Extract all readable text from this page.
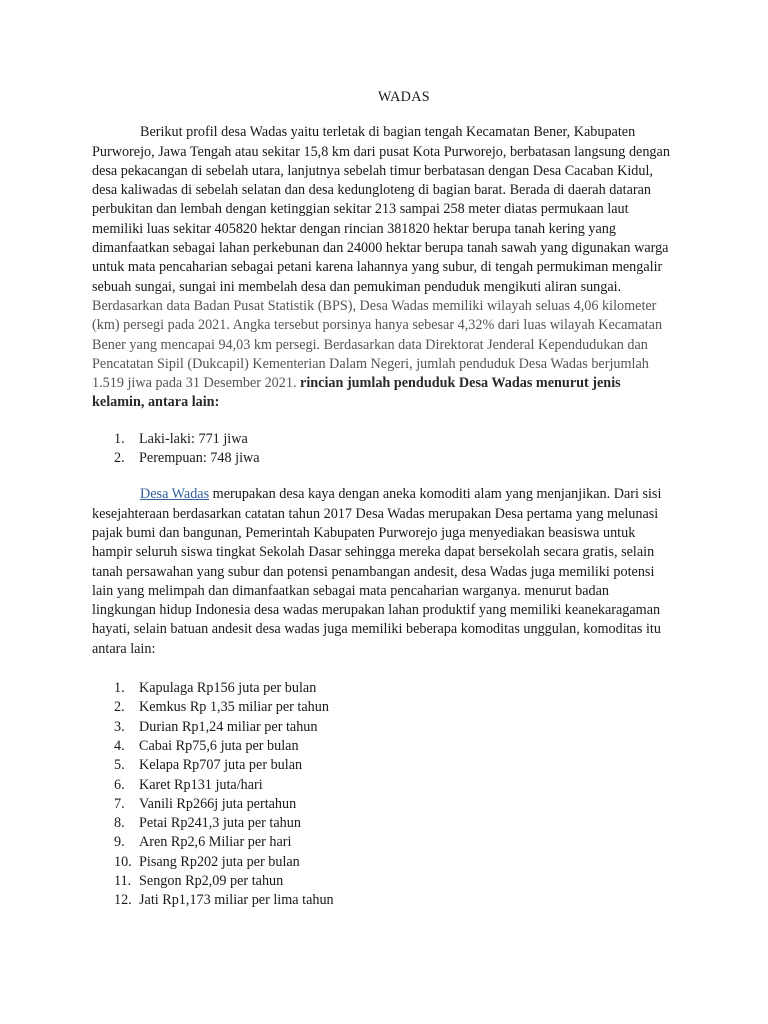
WADAS

Berikut profil desa Wadas yaitu terletak di bagian tengah Kecamatan Bener, Kabupaten Purworejo, Jawa Tengah atau sekitar 15,8 km dari pusat Kota Purworejo, berbatasan langsung dengan desa pekacangan di sebelah utara, lanjutnya sebelah timur berbatasan dengan Desa Cacaban Kidul, desa kaliwadas di sebelah selatan dan desa kedungloteng di bagian barat. Berada di daerah dataran perbukitan dan lembah dengan ketinggian sekitar 213 sampai 258 meter diatas permukaan laut memiliki luas sekitar 405820 hektar dengan rincian 381820 hektar berupa tanah kering yang dimanfaatkan sebagai lahan perkebunan dan 24000 hektar berupa tanah sawah yang digunakan warga untuk mata pencaharian sebagai petani karena lahannya yang subur, di tengah permukiman mengalir sebuah sungai, sungai ini membelah desa dan pemukiman penduduk mengikuti aliran sungai. Berdasarkan data Badan Pusat Statistik (BPS), Desa Wadas memiliki wilayah seluas 4,06 kilometer (km) persegi pada 2021. Angka tersebut porsinya hanya sebesar 4,32% dari luas wilayah Kecamatan Bener yang mencapai 94,03 km persegi. Berdasarkan data Direktorat Jenderal Kependudukan dan Pencatatan Sipil (Dukcapil) Kementerian Dalam Negeri, jumlah penduduk Desa Wadas berjumlah 1.519 jiwa pada 31 Desember 2021. rincian jumlah penduduk Desa Wadas menurut jenis kelamin, antara lain:

1. Laki-laki: 771 jiwa
2. Perempuan: 748 jiwa

Desa Wadas merupakan desa kaya dengan aneka komoditi alam yang menjanjikan. Dari sisi kesejahteraan berdasarkan catatan tahun 2017 Desa Wadas merupakan Desa pertama yang melunasi pajak bumi dan bangunan, Pemerintah Kabupaten Purworejo juga menyediakan beasiswa untuk hampir seluruh siswa tingkat Sekolah Dasar sehingga mereka dapat bersekolah secara gratis, selain tanah persawahan yang subur dan potensi penambangan andesit, desa Wadas juga memiliki potensi lain yang melimpah dan dimanfaatkan sebagai mata pencaharian warganya. menurut badan lingkungan hidup Indonesia desa wadas merupakan lahan produktif yang memiliki keanekaragaman hayati, selain batuan andesit desa wadas juga memiliki beberapa komoditas unggulan, komoditas itu antara lain:

1. Kapulaga Rp156 juta per bulan
2. Kemkus Rp 1,35 miliar per tahun
3. Durian Rp1,24 miliar per tahun
4. Cabai Rp75,6 juta per bulan
5. Kelapa Rp707 juta per bulan
6. Karet Rp131 juta/hari
7. Vanili Rp266j juta pertahun
8. Petai Rp241,3 juta per tahun
9. Aren Rp2,6 Miliar per hari
10. Pisang Rp202 juta per bulan
11. Sengon Rp2,09 per tahun
12. Jati Rp1,173 miliar per lima tahun
